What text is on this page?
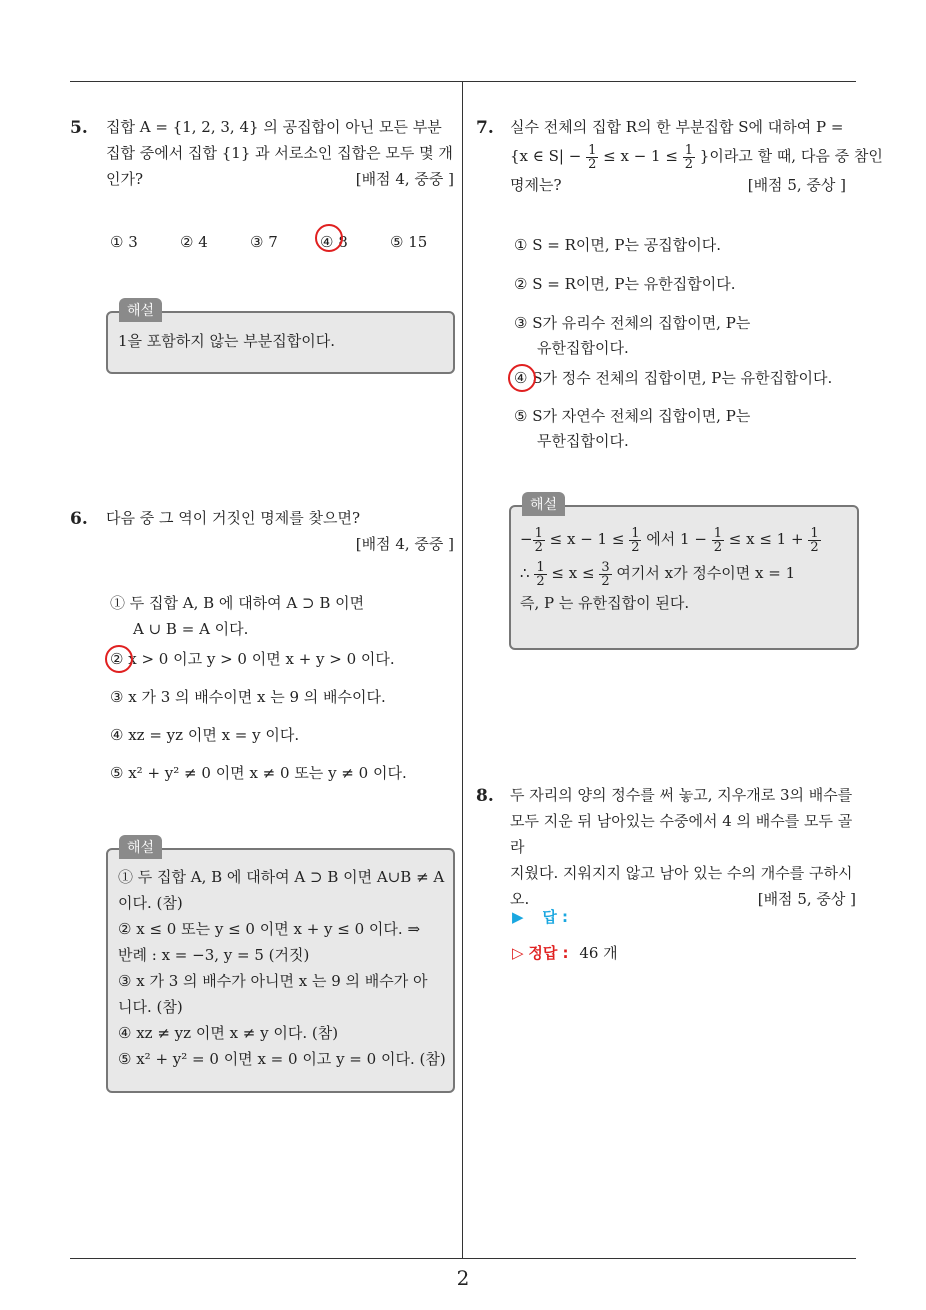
5. 집합 A = {1, 2, 3, 4} 의 공집합이 아닌 모든 부분
집합 중에서 집합 {1} 과 서로소인 집합은 모두 몇 개
인가?	[배점 4, 중중 ]
① 3	② 4	③ 7	④ 8	⑤ 15
해설
1을 포함하지 않는 부분집합이다.
6. 다음 중 그 역이 거짓인 명제를 찾으면?
[배점 4, 중중 ]
① 두 집합 A, B 에 대하여 A ⊃ B 이면
A ∪ B = A 이다.
② x > 0 이고 y > 0 이면 x + y > 0 이다.
③ x 가 3 의 배수이면 x 는 9 의 배수이다.
④ xz = yz 이면 x = y 이다.
⑤ x² + y² ≠ 0 이면 x ≠ 0 또는 y ≠ 0 이다.
해설
① 두 집합 A, B 에 대하여 A ⊃ B 이면 A∪B ≠ A
이다. (참)
② x ≤ 0 또는 y ≤ 0 이면 x + y ≤ 0 이다. ⇒
반례 : x = −3, y = 5 (거짓)
③ x 가 3 의 배수가 아니면 x 는 9 의 배수가 아
니다. (참)
④ xz ≠ yz 이면 x ≠ y 이다. (참)
⑤ x² + y² = 0 이면 x = 0 이고 y = 0 이다. (참)
7. 실수 전체의 집합 R의 한 부분집합 S에 대하여 P =
{x ∈ $S| - \frac{1}{2} \le x - 1 \le \frac{1}{2}$ }이라고 할 때, 다음 중 참인
명제는?	[배점 5, 중상 ]
① S = R이면, P는 공집합이다.
② S = R이면, P는 유한집합이다.
③ S가 유리수 전체의 집합이면, P는
유한집합이다.
④ S가 정수 전체의 집합이면, P는 유한집합이다.
⑤ S가 자연수 전체의 집합이면, P는
무한집합이다.
해설
− $\frac{1}{2} \le x - 1 \le \frac{1}{2}$ 에서 $1 - \frac{1}{2} \le x \le 1 + \frac{1}{2}$
∴ $\frac{1}{2} \le x \le \frac{3}{2}$ 여기서 x가 정수이면 x = 1
즉, P 는 유한집합이 된다.
8. 두 자리의 양의 정수를 써 놓고, 지우개로 3의 배수를
모두 지운 뒤 남아있는 수중에서 4 의 배수를 모두 골라
지웠다. 지워지지 않고 남아 있는 수의 개수를 구하시
오.	[배점 5, 중상 ]
▶ 답 :
▷ 정답 : 46 개
2
